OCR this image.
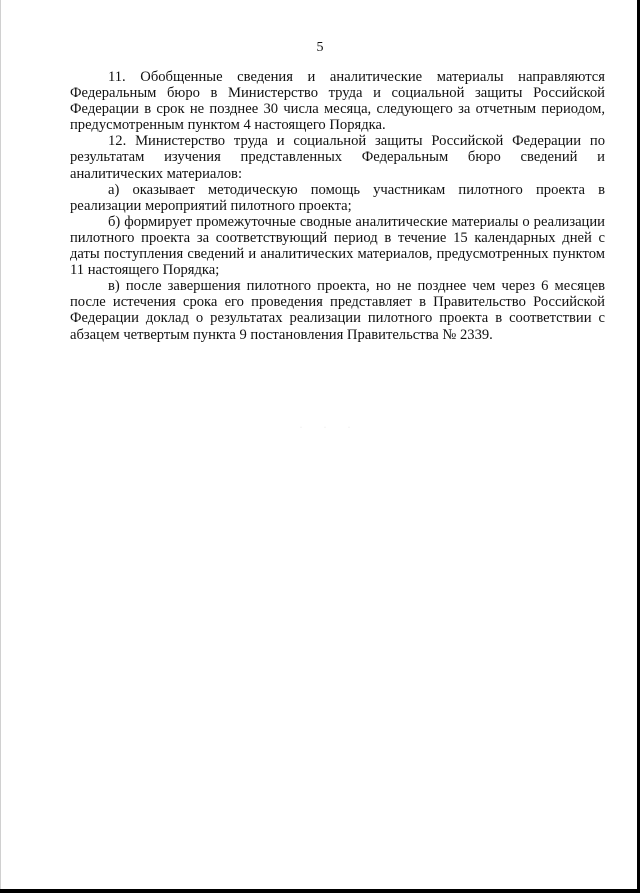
5

11. Обобщенные сведения и аналитические материалы направляются Федеральным бюро в Министерство труда и социальной защиты Российской Федерации в срок не позднее 30 числа месяца, следующего за отчетным периодом, предусмотренным пунктом 4 настоящего Порядка.

12. Министерство труда и социальной защиты Российской Федерации по результатам изучения представленных Федеральным бюро сведений и аналитических материалов:

а) оказывает методическую помощь участникам пилотного проекта в реализации мероприятий пилотного проекта;

б) формирует промежуточные сводные аналитические материалы о реализации пилотного проекта за соответствующий период в течение 15 календарных дней с даты поступления сведений и аналитических материалов, предусмотренных пунктом 11 настоящего Порядка;

в) после завершения пилотного проекта, но не позднее чем через 6 месяцев после истечения срока его проведения представляет в Правительство Российской Федерации доклад о результатах реализации пилотного проекта в соответствии с абзацем четвертым пункта 9 постановления Правительства № 2339.

·​·​·
